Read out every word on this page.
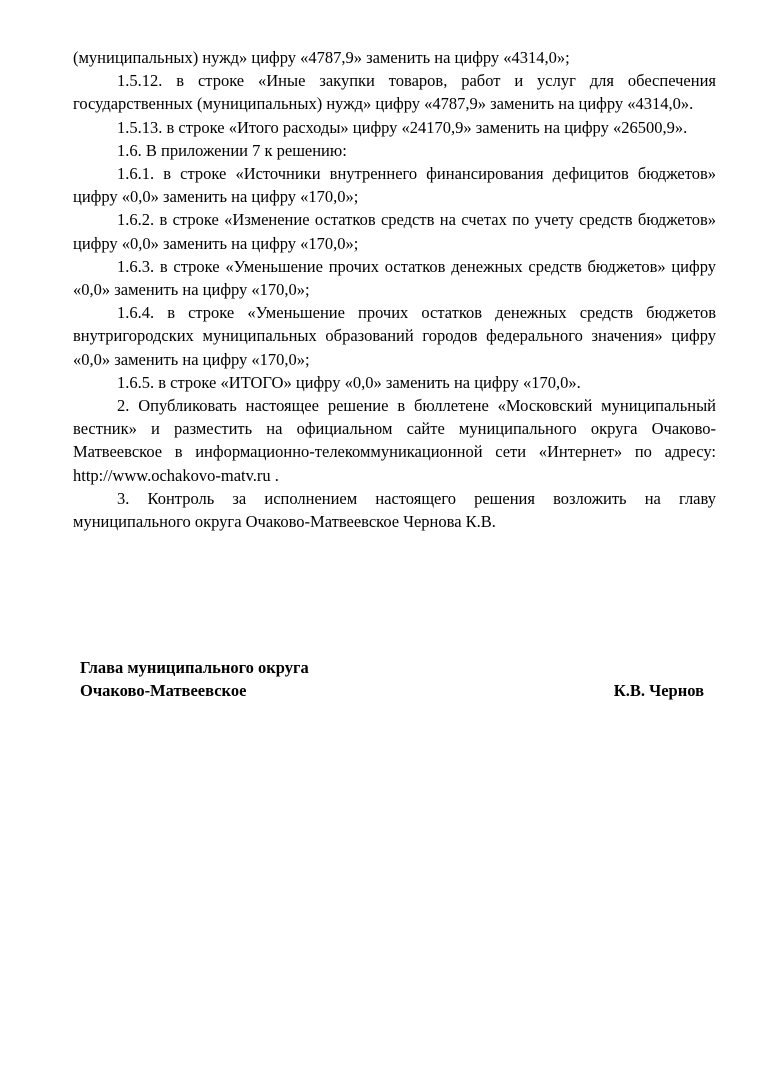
(муниципальных) нужд» цифру «4787,9» заменить на цифру «4314,0»;

1.5.12. в строке «Иные закупки товаров, работ и услуг для обеспечения государственных (муниципальных) нужд» цифру «4787,9» заменить на цифру «4314,0».

1.5.13. в строке «Итого расходы» цифру «24170,9» заменить на цифру «26500,9».

1.6. В приложении 7 к решению:

1.6.1. в строке «Источники внутреннего финансирования дефицитов бюджетов» цифру «0,0» заменить на цифру «170,0»;

1.6.2. в строке «Изменение остатков средств на счетах по учету средств бюджетов» цифру «0,0» заменить на цифру «170,0»;

1.6.3. в строке «Уменьшение прочих остатков денежных средств бюджетов» цифру «0,0» заменить на цифру «170,0»;

1.6.4. в строке «Уменьшение прочих остатков денежных средств бюджетов внутригородских муниципальных образований городов федерального значения» цифру «0,0» заменить на цифру «170,0»;

1.6.5. в строке «ИТОГО» цифру «0,0» заменить на цифру «170,0».

2. Опубликовать настоящее решение в бюллетене «Московский муниципальный вестник» и разместить на официальном сайте муниципального округа Очаково-Матвеевское в информационно-телекоммуникационной сети «Интернет» по адресу: http://www.ochakovo-matv.ru .

3. Контроль за исполнением настоящего решения возложить на главу муниципального округа Очаково-Матвеевское Чернова К.В.

Глава муниципального округа
Очаково-Матвеевское	К.В. Чернов
